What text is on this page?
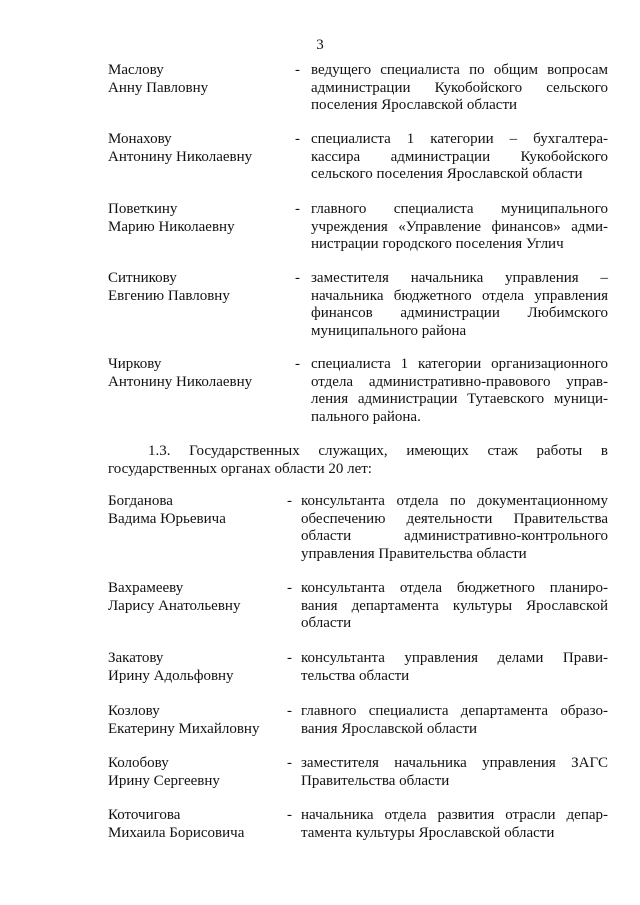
3
Маслову
Анну Павловну
- ведущего специалиста по общим вопросам
администрации Кукобойского сельского
поселения Ярославской области
Монахову
Антонину Николаевну
- специалиста 1 категории – бухгалтера-
кассира администрации Кукобойского
сельского поселения Ярославской области
Поветкину
Марию Николаевну
- главного специалиста муниципального
учреждения «Управление финансов» адми-
нистрации городского поселения Углич
Ситникову
Евгению Павловну
- заместителя начальника управления –
начальника бюджетного отдела управления
финансов администрации Любимского
муниципального района
Чиркову
Антонину Николаевну
- специалиста 1 категории организационного
отдела административно-правового управ-
ления администрации Тутаевского муници-
пального района.
1.3. Государственных служащих, имеющих стаж работы в
государственных органах области 20 лет:
Богданова
Вадима Юрьевича
- консультанта отдела по документационному
обеспечению деятельности Правительства
области административно-контрольного
управления Правительства области
Вахрамееву
Ларису Анатольевну
- консультанта отдела бюджетного планиро-
вания департамента культуры Ярославской
области
Закатову
Ирину Адольфовну
- консультанта управления делами Прави-
тельства области
Козлову
Екатерину Михайловну
- главного специалиста департамента образо-
вания Ярославской области
Колобову
Ирину Сергеевну
- заместителя начальника управления ЗАГС
Правительства области
Коточигова
Михаила Борисовича
- начальника отдела развития отрасли депар-
тамента культуры Ярославской области
